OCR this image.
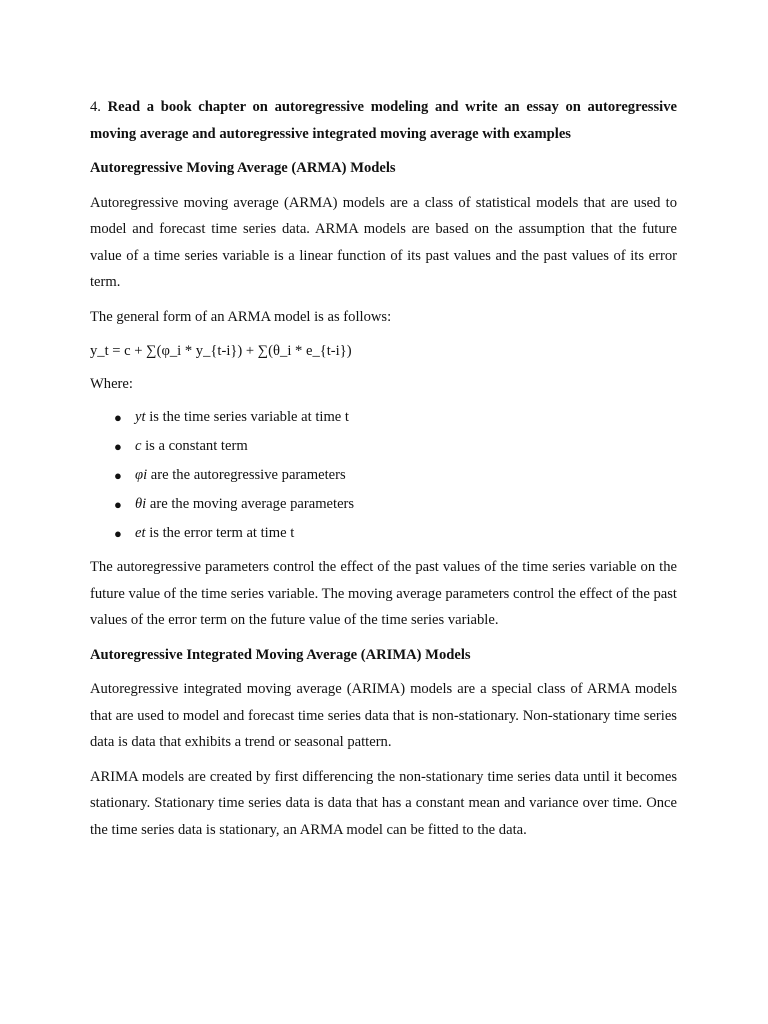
4. Read a book chapter on autoregressive modeling and write an essay on autoregressive moving average and autoregressive integrated moving average with examples

Autoregressive Moving Average (ARMA) Models

Autoregressive moving average (ARMA) models are a class of statistical models that are used to model and forecast time series data. ARMA models are based on the assumption that the future value of a time series variable is a linear function of its past values and the past values of its error term.

The general form of an ARMA model is as follows:

y_t = c + ∑(φ_i * y_{t-i}) + ∑(θ_i * e_{t-i})

Where:

● yt is the time series variable at time t
● c is a constant term
● φi are the autoregressive parameters
● θi are the moving average parameters
● et is the error term at time t

The autoregressive parameters control the effect of the past values of the time series variable on the future value of the time series variable. The moving average parameters control the effect of the past values of the error term on the future value of the time series variable.

Autoregressive Integrated Moving Average (ARIMA) Models

Autoregressive integrated moving average (ARIMA) models are a special class of ARMA models that are used to model and forecast time series data that is non-stationary. Non-stationary time series data is data that exhibits a trend or seasonal pattern.

ARIMA models are created by first differencing the non-stationary time series data until it becomes stationary. Stationary time series data is data that has a constant mean and variance over time. Once the time series data is stationary, an ARMA model can be fitted to the data.
